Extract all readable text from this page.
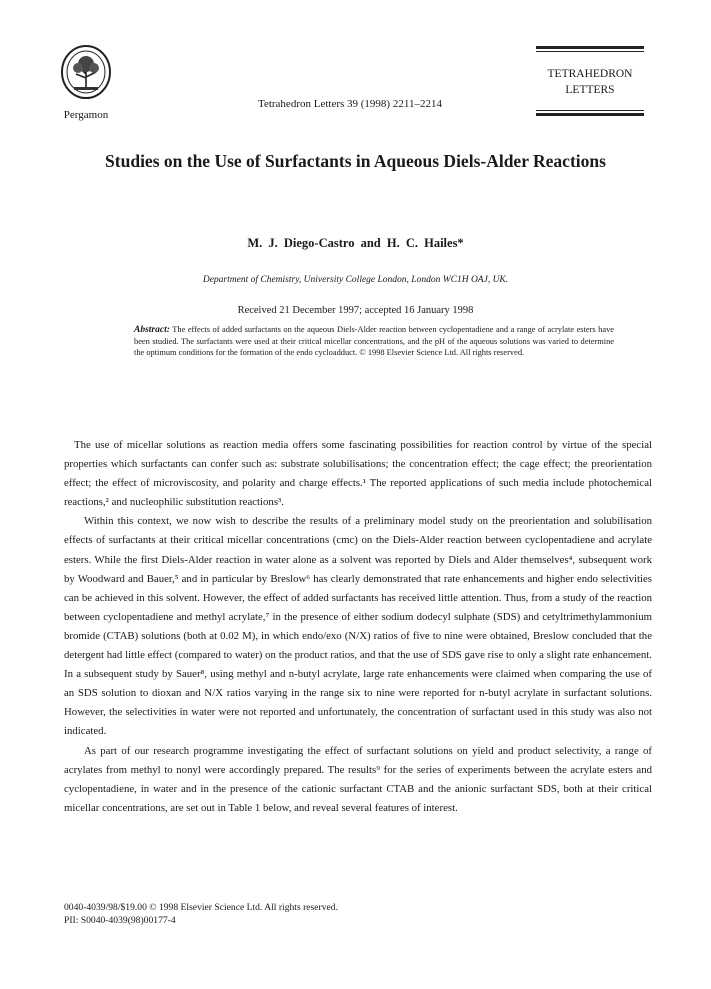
Pergamon
Tetrahedron Letters 39 (1998) 2211–2214
TETRAHEDRON
LETTERS
Studies on the Use of Surfactants in Aqueous Diels-Alder Reactions
M. J. Diego-Castro and H. C. Hailes*
Department of Chemistry, University College London, London WC1H OAJ, UK.
Received 21 December 1997; accepted 16 January 1998
Abstract: The effects of added surfactants on the aqueous Diels-Alder reaction between cyclopentadiene and a range of acrylate esters have been studied. The surfactants were used at their critical micellar concentrations, and the pH of the aqueous solutions was varied to determine the optimum conditions for the formation of the endo cycloadduct. © 1998 Elsevier Science Ltd. All rights reserved.

The use of micellar solutions as reaction media offers some fascinating possibilities for reaction control by virtue of the special properties which surfactants can confer such as: substrate solubilisations; the concentration effect; the cage effect; the preorientation effect; the effect of microviscosity, and polarity and charge effects.¹ The reported applications of such media include photochemical reactions,² and nucleophilic substitution reactions³.

Within this context, we now wish to describe the results of a preliminary model study on the preorientation and solubilisation effects of surfactants at their critical micellar concentrations (cmc) on the Diels-Alder reaction between cyclopentadiene and acrylate esters. While the first Diels-Alder reaction in water alone as a solvent was reported by Diels and Alder themselves⁴, subsequent work by Woodward and Bauer,⁵ and in particular by Breslow⁶ has clearly demonstrated that rate enhancements and higher endo selectivities can be achieved in this solvent. However, the effect of added surfactants has received little attention. Thus, from a study of the reaction between cyclopentadiene and methyl acrylate,⁷ in the presence of either sodium dodecyl sulphate (SDS) and cetyltrimethylammonium bromide (CTAB) solutions (both at 0.02 M), in which endo/exo (N/X) ratios of five to nine were obtained, Breslow concluded that the detergent had little effect (compared to water) on the product ratios, and that the use of SDS gave rise to only a slight rate enhancement. In a subsequent study by Sauer⁸, using methyl and n-butyl acrylate, large rate enhancements were claimed when comparing the use of an SDS solution to dioxan and N/X ratios varying in the range six to nine were reported for n-butyl acrylate in surfactant solutions. However, the selectivities in water were not reported and unfortunately, the concentration of surfactant used in this study was also not indicated.

As part of our research programme investigating the effect of surfactant solutions on yield and product selectivity, a range of acrylates from methyl to nonyl were accordingly prepared. The results⁹ for the series of experiments between the acrylate esters and cyclopentadiene, in water and in the presence of the cationic surfactant CTAB and the anionic surfactant SDS, both at their critical micellar concentrations, are set out in Table 1 below, and reveal several features of interest.

0040-4039/98/$19.00 © 1998 Elsevier Science Ltd. All rights reserved.
PII: S0040-4039(98)00177-4
